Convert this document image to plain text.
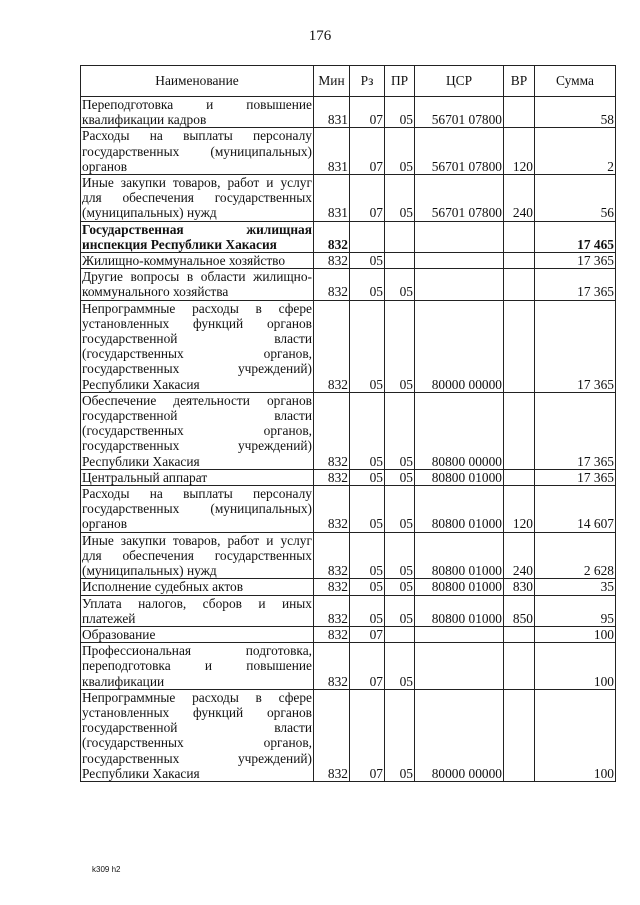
176
Наименование	Мин	Рз	ПР	ЦСР	ВР	Сумма
Переподготовка и повышение квалификации кадров	831	07	05	56701 07800		58
Расходы на выплаты персоналу государственных (муниципальных) органов	831	07	05	56701 07800	120	2
Иные закупки товаров, работ и услуг для обеспечения государственных (муниципальных) нужд	831	07	05	56701 07800	240	56
Государственная жилищная инспекция Республики Хакасия	832					17 465
Жилищно-коммунальное хозяйство	832	05				17 365
Другие вопросы в области жилищно-коммунального хозяйства	832	05	05			17 365
Непрограммные расходы в сфере установленных функций органов государственной власти (государственных органов, государственных учреждений) Республики Хакасия	832	05	05	80000 00000		17 365
Обеспечение деятельности органов государственной власти (государственных органов, государственных учреждений) Республики Хакасия	832	05	05	80800 00000		17 365
Центральный аппарат	832	05	05	80800 01000		17 365
Расходы на выплаты персоналу государственных (муниципальных) органов	832	05	05	80800 01000	120	14 607
Иные закупки товаров, работ и услуг для обеспечения государственных (муниципальных) нужд	832	05	05	80800 01000	240	2 628
Исполнение судебных актов	832	05	05	80800 01000	830	35
Уплата налогов, сборов и иных платежей	832	05	05	80800 01000	850	95
Образование	832	07				100
Профессиональная подготовка, переподготовка и повышение квалификации	832	07	05			100
Непрограммные расходы в сфере установленных функций органов государственной власти (государственных органов, государственных учреждений) Республики Хакасия	832	07	05	80000 00000		100
k309 h2
